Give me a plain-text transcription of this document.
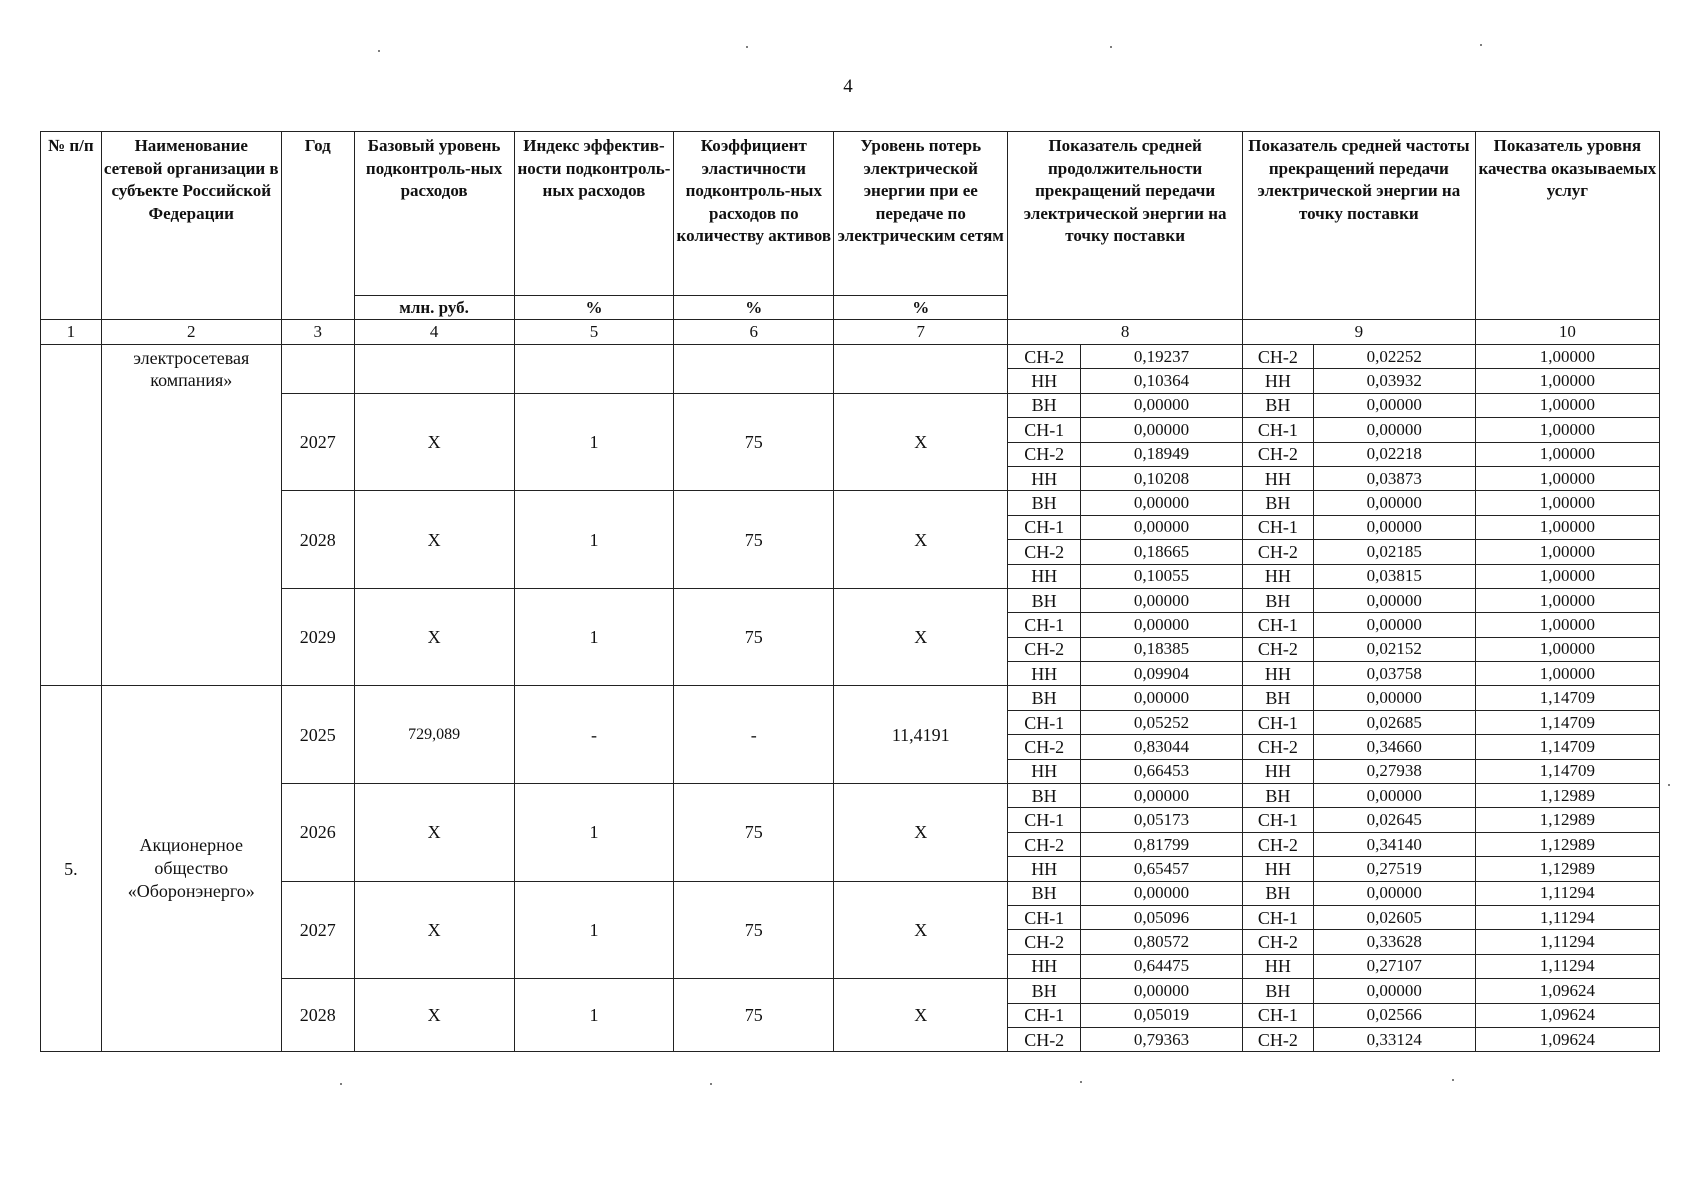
4
№ п/п	Наименование сетевой организации в субъекте Российской Федерации	Год	Базовый уровень подконтроль-ных расходов	Индекс эффектив-ности подконтроль-ных расходов	Коэффициент эластичности подконтроль-ных расходов по количеству активов	Уровень потерь электрической энергии при ее передаче по электрическим сетям	Показатель средней продолжительности прекращений передачи электрической энергии на точку поставки		Показатель средней частоты прекращений передачи электрической энергии на точку поставки		Показатель уровня качества оказываемых услуг
			млн. руб.	%	%	%					
1	2	3	4	5	6	7	8		9		10
	электросетевая компания»						СН-2	0,19237	СН-2	0,02252	1,00000
							НН	0,10364	НН	0,03932	1,00000
		2027	Х	1	75	Х	ВН	0,00000	ВН	0,00000	1,00000
							СН-1	0,00000	СН-1	0,00000	1,00000
							СН-2	0,18949	СН-2	0,02218	1,00000
							НН	0,10208	НН	0,03873	1,00000
		2028	Х	1	75	Х	ВН	0,00000	ВН	0,00000	1,00000
							СН-1	0,00000	СН-1	0,00000	1,00000
							СН-2	0,18665	СН-2	0,02185	1,00000
							НН	0,10055	НН	0,03815	1,00000
		2029	Х	1	75	Х	ВН	0,00000	ВН	0,00000	1,00000
							СН-1	0,00000	СН-1	0,00000	1,00000
							СН-2	0,18385	СН-2	0,02152	1,00000
							НН	0,09904	НН	0,03758	1,00000
5.	Акционерное общество «Оборонэнерго»	2025	729,089	-	-	11,4191	ВН	0,00000	ВН	0,00000	1,14709
							СН-1	0,05252	СН-1	0,02685	1,14709
							СН-2	0,83044	СН-2	0,34660	1,14709
							НН	0,66453	НН	0,27938	1,14709
		2026	Х	1	75	Х	ВН	0,00000	ВН	0,00000	1,12989
							СН-1	0,05173	СН-1	0,02645	1,12989
							СН-2	0,81799	СН-2	0,34140	1,12989
							НН	0,65457	НН	0,27519	1,12989
		2027	Х	1	75	Х	ВН	0,00000	ВН	0,00000	1,11294
							СН-1	0,05096	СН-1	0,02605	1,11294
							СН-2	0,80572	СН-2	0,33628	1,11294
							НН	0,64475	НН	0,27107	1,11294
		2028	Х	1	75	Х	ВН	0,00000	ВН	0,00000	1,09624
							СН-1	0,05019	СН-1	0,02566	1,09624
							СН-2	0,79363	СН-2	0,33124	1,09624
